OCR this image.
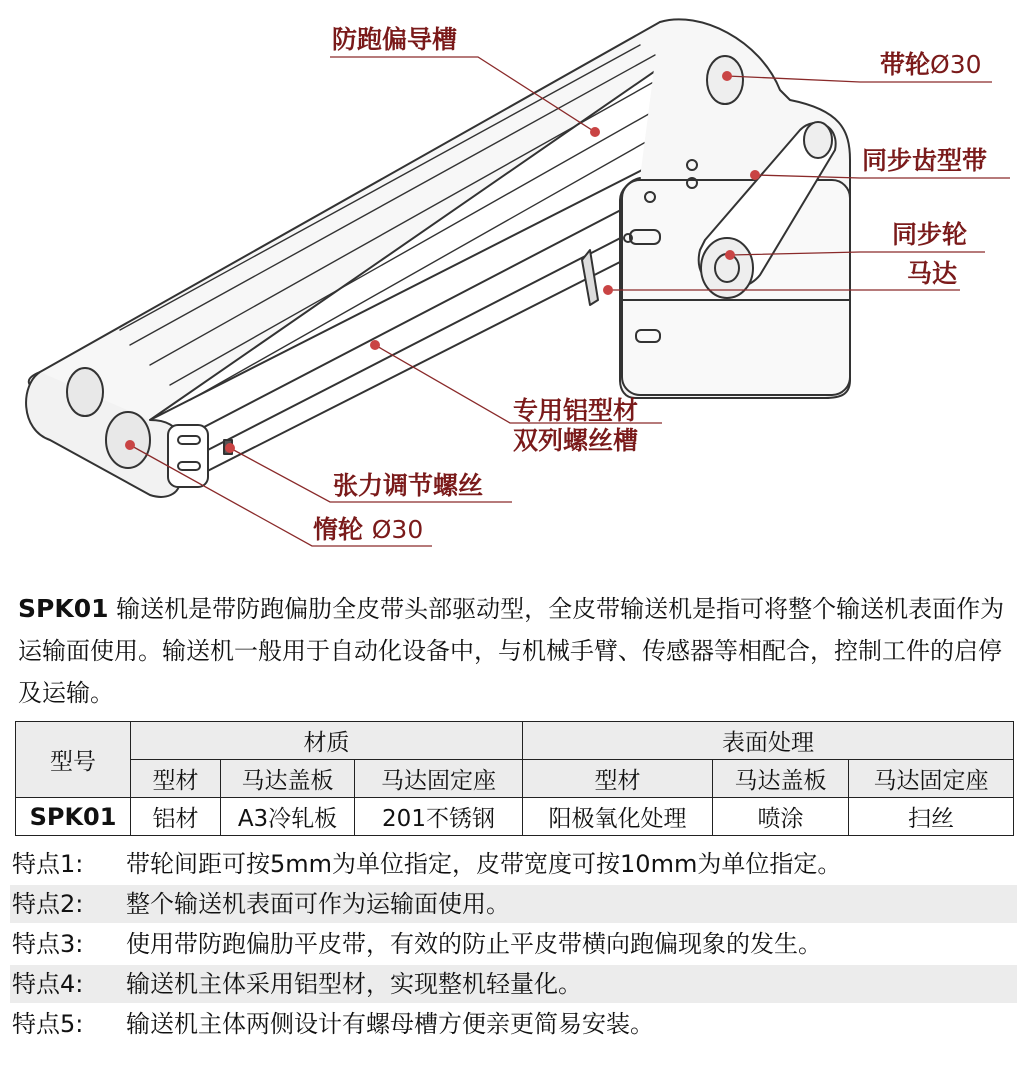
防跑偏导槽
带轮Ø30
同步齿型带
同步轮
马达
专用铝型材
双列螺丝槽
张力调节螺丝
惰轮 Ø30
SPK01 输送机是带防跑偏肋全皮带头部驱动型，全皮带输送机是指可将整个输送机表面作为运输面使用。输送机一般用于自动化设备中，与机械手臂、传感器等相配合，控制工件的启停及运输。
型号	材质			表面处理		
	型材	马达盖板	马达固定座	型材	马达盖板	马达固定座
SPK01	铝材	A3冷轧板	201不锈钢	阳极氧化处理	喷涂	扫丝
特点1: 带轮间距可按5mm为单位指定，皮带宽度可按10mm为单位指定。
特点2: 整个输送机表面可作为运输面使用。
特点3: 使用带防跑偏肋平皮带，有效的防止平皮带横向跑偏现象的发生。
特点4: 输送机主体采用铝型材，实现整机轻量化。
特点5: 输送机主体两侧设计有螺母槽方便亲更简易安装。
